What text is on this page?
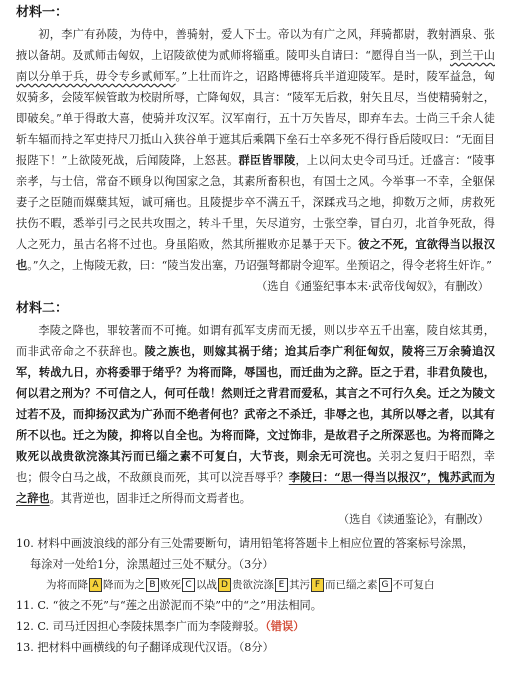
材料一：

初，李广有孙陵，为侍中，善骑射，爱人下士。帝以为有广之风，拜骑都尉，教射酒泉、张掖以备胡。及贰师击匈奴，上诏陵欲使为贰师将辎重。陵叩头自请曰：“愿得自当一队，到兰干山南以分单于兵，毋令专乡贰师军。”上壮而许之，诏路博德将兵半道迎陵军。是时，陵军益急，匈奴骑多，会陵军候管敢为校尉所辱，亡降匈奴，具言：“陵军无后救，射矢且尽，当使精骑射之，即破矣。”单于得敢大喜，使骑并攻汉军。汉军南行，五十万矢皆尽，即弃车去。士尚三千余人徒斩车辐而持之军吏持尺刀抵山入狭谷单于遮其后乘隅下垒石士卒多死不得行昏后陵叹曰：“无面目报陛下！”上欲陵死战，后闻陵降，上怒甚。群臣皆罪陵，上以问太史令司马迁。迁盛言：“陵事亲孝，与士信，常奋不顾身以徇国家之急，其素所畜积也，有国士之风。今举事一不幸，全躯保妻子之臣随而媒蘖其短，诚可痛也。且陵提步卒不满五千，深蹂戎马之地，抑数万之师，虏救死扶伤不暇，悉举引弓之民共攻围之，转斗千里，矢尽道穷，士张空拳，冒白刃，北首争死敌，得人之死力，虽古名将不过也。身虽陷败，然其所摧败亦足暴于天下。彼之不死，宜欲得当以报汉也。”久之，上悔陵无救，曰：“陵当发出塞，乃诏强弩都尉令迎军。坐预诏之，得令老将生奸诈。”

（选自《通鉴纪事本末·武帝伐匈奴》，有删改）
材料二：

李陵之降也，罪较著而不可掩。如谓有孤军支虏而无援，则以步卒五千出塞，陵自炫其勇，而非武帝命之不获辞也。陵之族也，则嫁其祸于绪；迨其后李广利征匈奴，陵将三万余骑追汉军，转战九日，亦将委罪于绪乎？为将而降，辱国也，而迁曲为之辞。臣之于君，非君负陵也，何以君之刑为？不可信之人，何可任哉！然则迁之背君而爱私，其言之不可行久矣。迁之为陵文过若不及，而抑扬汉武为广孙而不绝者何也？武帝之不杀迁，非辱之也，其所以辱之者，以其有所不以也。迁之为陵，抑将以自全也。为将而降，文过饰非，是故君子之所深恶也。为将而降之败死以战贵欲浣涤其污而已缁之素不可复白，大节丧，则余无可浣也。关羽之复归于昭烈，幸也；假令白马之战，不敌颜良而死，其可以浣吾辱乎？李陵曰：“思一得当以报汉”，愧苏武而为之辞也。其背逆也，固非迁之所得而文焉者也。

（选自《读通鉴论》，有删改）

10. 材料中画波浪线的部分有三处需要断句，请用铅笔将答题卡上相应位置的答案标号涂黑，

每涂对一处给1分，涂黑超过三处不赋分。（3分）

为将而降 A 降而为之 B 败死 C 以战 D 贵欲浣涤 E 其污 F 而已缁之素 G 不可复白

11. C. “彼之不死”与“莲之出淤泥而不染”中的“之”用法相同。

12. C. 司马迁因担心李陵抹黑李广而为李陵辩驳。（错误）

13. 把材料中画横线的句子翻译成现代汉语。（8分）
